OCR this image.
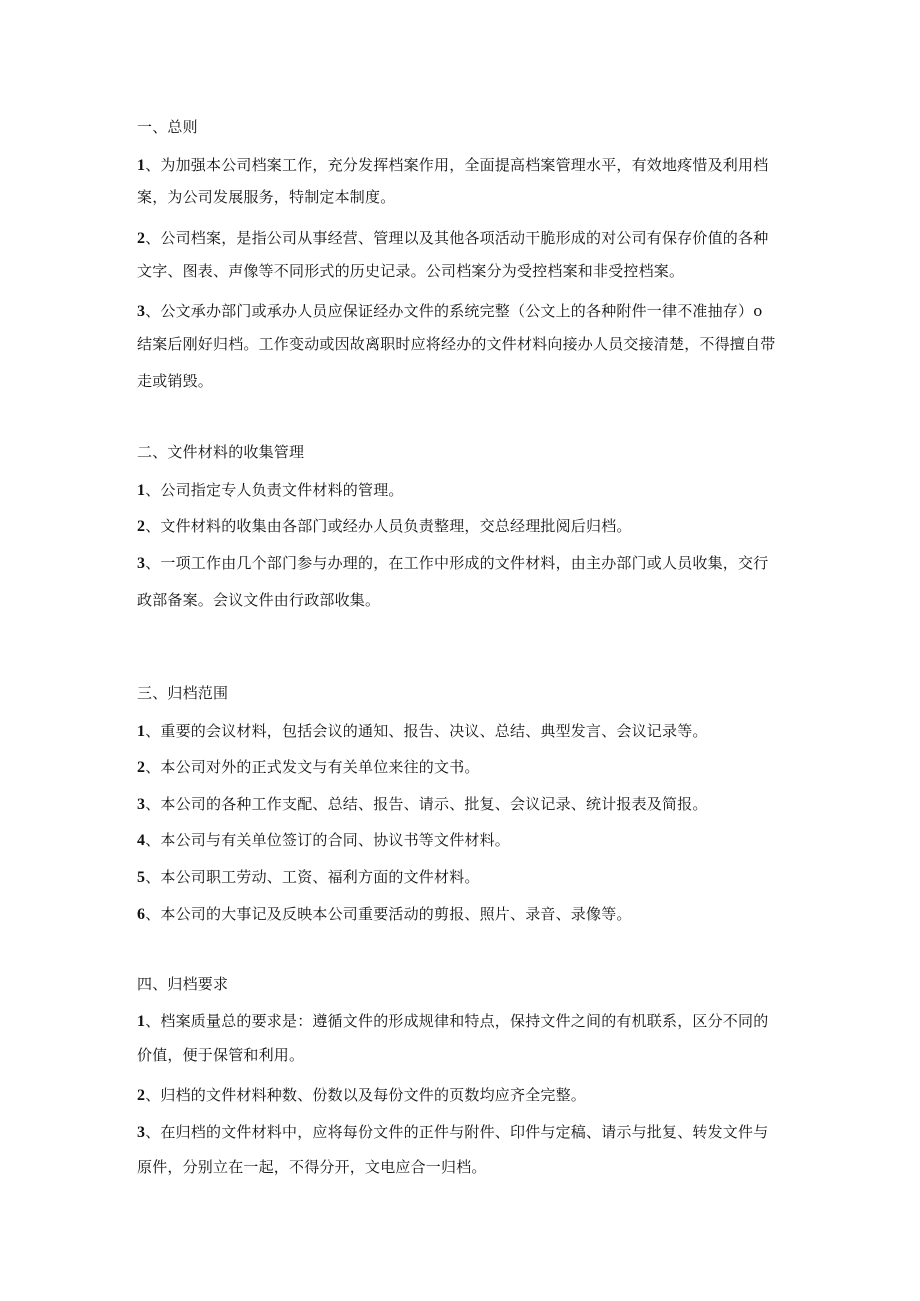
一、总则
1、为加强本公司档案工作，充分发挥档案作用，全面提高档案管理水平，有效地疼惜及利用档
案，为公司发展服务，特制定本制度。
2、公司档案，是指公司从事经营、管理以及其他各项活动干脆形成的对公司有保存价值的各种
文字、图表、声像等不同形式的历史记录。公司档案分为受控档案和非受控档案。
3、公文承办部门或承办人员应保证经办文件的系统完整（公文上的各种附件一律不准抽存）o
结案后刚好归档。工作变动或因故离职时应将经办的文件材料向接办人员交接清楚，不得擅自带
走或销毁。
二、文件材料的收集管理
1、公司指定专人负责文件材料的管理。
2、文件材料的收集由各部门或经办人员负责整理，交总经理批阅后归档。
3、一项工作由几个部门参与办理的，在工作中形成的文件材料，由主办部门或人员收集，交行
政部备案。会议文件由行政部收集。
三、归档范围
1、重要的会议材料，包括会议的通知、报告、决议、总结、典型发言、会议记录等。
2、本公司对外的正式发文与有关单位来往的文书。
3、本公司的各种工作支配、总结、报告、请示、批复、会议记录、统计报表及简报。
4、本公司与有关单位签订的合同、协议书等文件材料。
5、本公司职工劳动、工资、福利方面的文件材料。
6、本公司的大事记及反映本公司重要活动的剪报、照片、录音、录像等。
四、归档要求
1、档案质量总的要求是：遵循文件的形成规律和特点，保持文件之间的有机联系，区分不同的
价值，便于保管和利用。
2、归档的文件材料种数、份数以及每份文件的页数均应齐全完整。
3、在归档的文件材料中，应将每份文件的正件与附件、印件与定稿、请示与批复、转发文件与
原件，分别立在一起，不得分开，文电应合一归档。
